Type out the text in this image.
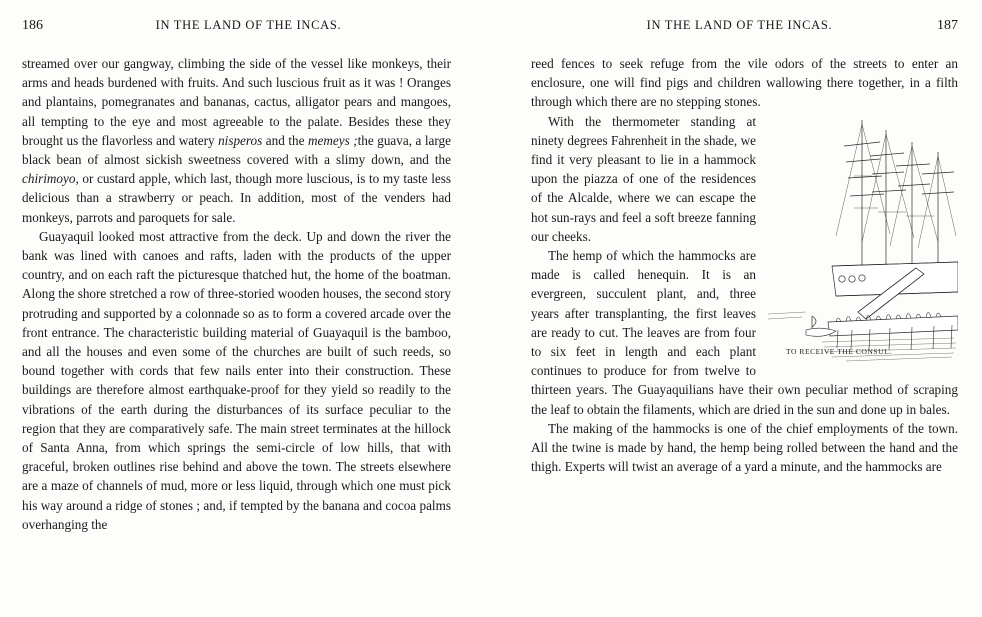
186	IN THE LAND OF THE INCAS.

streamed over our gangway, climbing the side of the vessel like monkeys, their arms and heads burdened with fruits. And such luscious fruit as it was ! Oranges and plantains, pomegranates and bananas, cactus, alligator pears and mangoes, all tempting to the eye and most agreeable to the palate. Besides these they brought us the flavorless and watery nisperos and the memeys ;the guava, a large black bean of almost sickish sweetness covered with a slimy down, and the chirimoyo, or custard apple, which last, though more luscious, is to my taste less delicious than a strawberry or peach. In addition, most of the venders had monkeys, parrots and paroquets for sale.

Guayaquil looked most attractive from the deck. Up and down the river the bank was lined with canoes and rafts, laden with the products of the upper country, and on each raft the picturesque thatched hut, the home of the boatman. Along the shore stretched a row of three-storied wooden houses, the second story protruding and supported by a colonnade so as to form a covered arcade over the front entrance. The characteristic building material of Guayaquil is the bamboo, and all the houses and even some of the churches are built of such reeds, so bound together with cords that few nails enter into their construction. These buildings are therefore almost earthquake-proof for they yield so readily to the vibrations of the earth during the disturbances of its surface peculiar to the region that they are comparatively safe. The main street terminates at the hillock of Santa Anna, from which springs the semi-circle of low hills, that with graceful, broken outlines rise behind and above the town. The streets elsewhere are a maze of channels of mud, more or less liquid, through which one must pick his way around a ridge of stones ; and, if tempted by the banana and cocoa palms overhanging the

IN THE LAND OF THE INCAS.	187

reed fences to seek refuge from the vile odors of the streets to enter an enclosure, one will find pigs and children wallowing there together, in a filth through which there are no stepping stones.

TO RECEIVE THE CONSUL.

With the thermometer standing at ninety degrees Fahrenheit in the shade, we find it very pleasant to lie in a hammock upon the piazza of one of the residences of the Alcalde, where we can escape the hot sun-rays and feel a soft breeze fanning our cheeks.

The hemp of which the hammocks are made is called henequin. It is an evergreen, succulent plant, and, three years after transplanting, the first leaves are ready to cut. The leaves are from four to six feet in length and each plant continues to produce for from twelve to thirteen years. The Guayaquilians have their own peculiar method of scraping the leaf to obtain the filaments, which are dried in the sun and done up in bales.

The making of the hammocks is one of the chief employments of the town. All the twine is made by hand, the hemp being rolled between the hand and the thigh. Experts will twist an average of a yard a minute, and the hammocks are
